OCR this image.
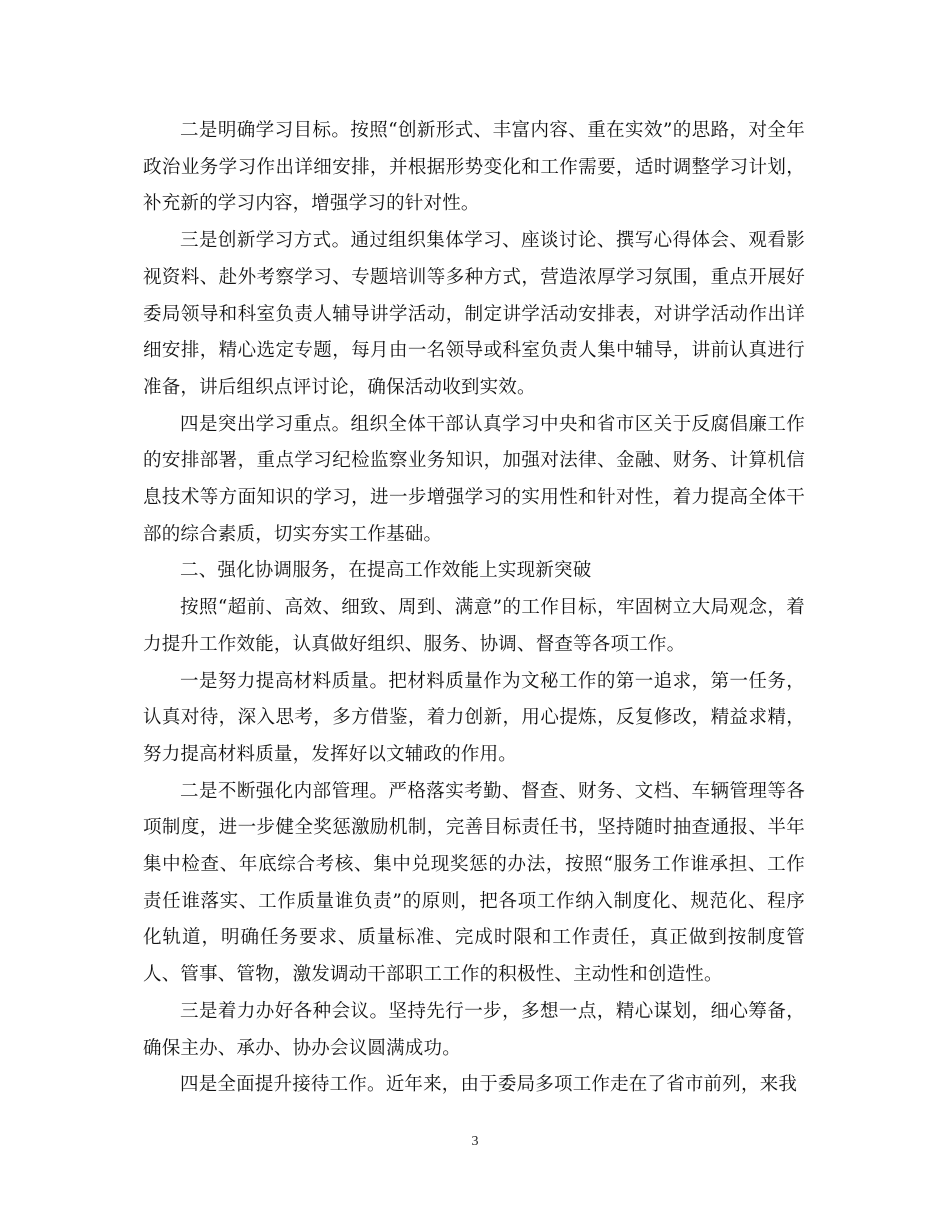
二是明确学习目标。按照“创新形式、丰富内容、重在实效”的思路，对全年政治业务学习作出详细安排，并根据形势变化和工作需要，适时调整学习计划，补充新的学习内容，增强学习的针对性。

三是创新学习方式。通过组织集体学习、座谈讨论、撰写心得体会、观看影视资料、赴外考察学习、专题培训等多种方式，营造浓厚学习氛围，重点开展好委局领导和科室负责人辅导讲学活动，制定讲学活动安排表，对讲学活动作出详细安排，精心选定专题，每月由一名领导或科室负责人集中辅导，讲前认真进行准备，讲后组织点评讨论，确保活动收到实效。

四是突出学习重点。组织全体干部认真学习中央和省市区关于反腐倡廉工作的安排部署，重点学习纪检监察业务知识，加强对法律、金融、财务、计算机信息技术等方面知识的学习，进一步增强学习的实用性和针对性，着力提高全体干部的综合素质，切实夯实工作基础。

二、强化协调服务，在提高工作效能上实现新突破

按照“超前、高效、细致、周到、满意”的工作目标，牢固树立大局观念，着力提升工作效能，认真做好组织、服务、协调、督查等各项工作。

一是努力提高材料质量。把材料质量作为文秘工作的第一追求，第一任务，认真对待，深入思考，多方借鉴，着力创新，用心提炼，反复修改，精益求精，努力提高材料质量，发挥好以文辅政的作用。

二是不断强化内部管理。严格落实考勤、督查、财务、文档、车辆管理等各项制度，进一步健全奖惩激励机制，完善目标责任书，坚持随时抽查通报、半年集中检查、年底综合考核、集中兑现奖惩的办法，按照“服务工作谁承担、工作责任谁落实、工作质量谁负责”的原则，把各项工作纳入制度化、规范化、程序化轨道，明确任务要求、质量标准、完成时限和工作责任，真正做到按制度管人、管事、管物，激发调动干部职工工作的积极性、主动性和创造性。

三是着力办好各种会议。坚持先行一步，多想一点，精心谋划，细心筹备，确保主办、承办、协办会议圆满成功。

四是全面提升接待工作。近年来，由于委局多项工作走在了省市前列，来我

3
